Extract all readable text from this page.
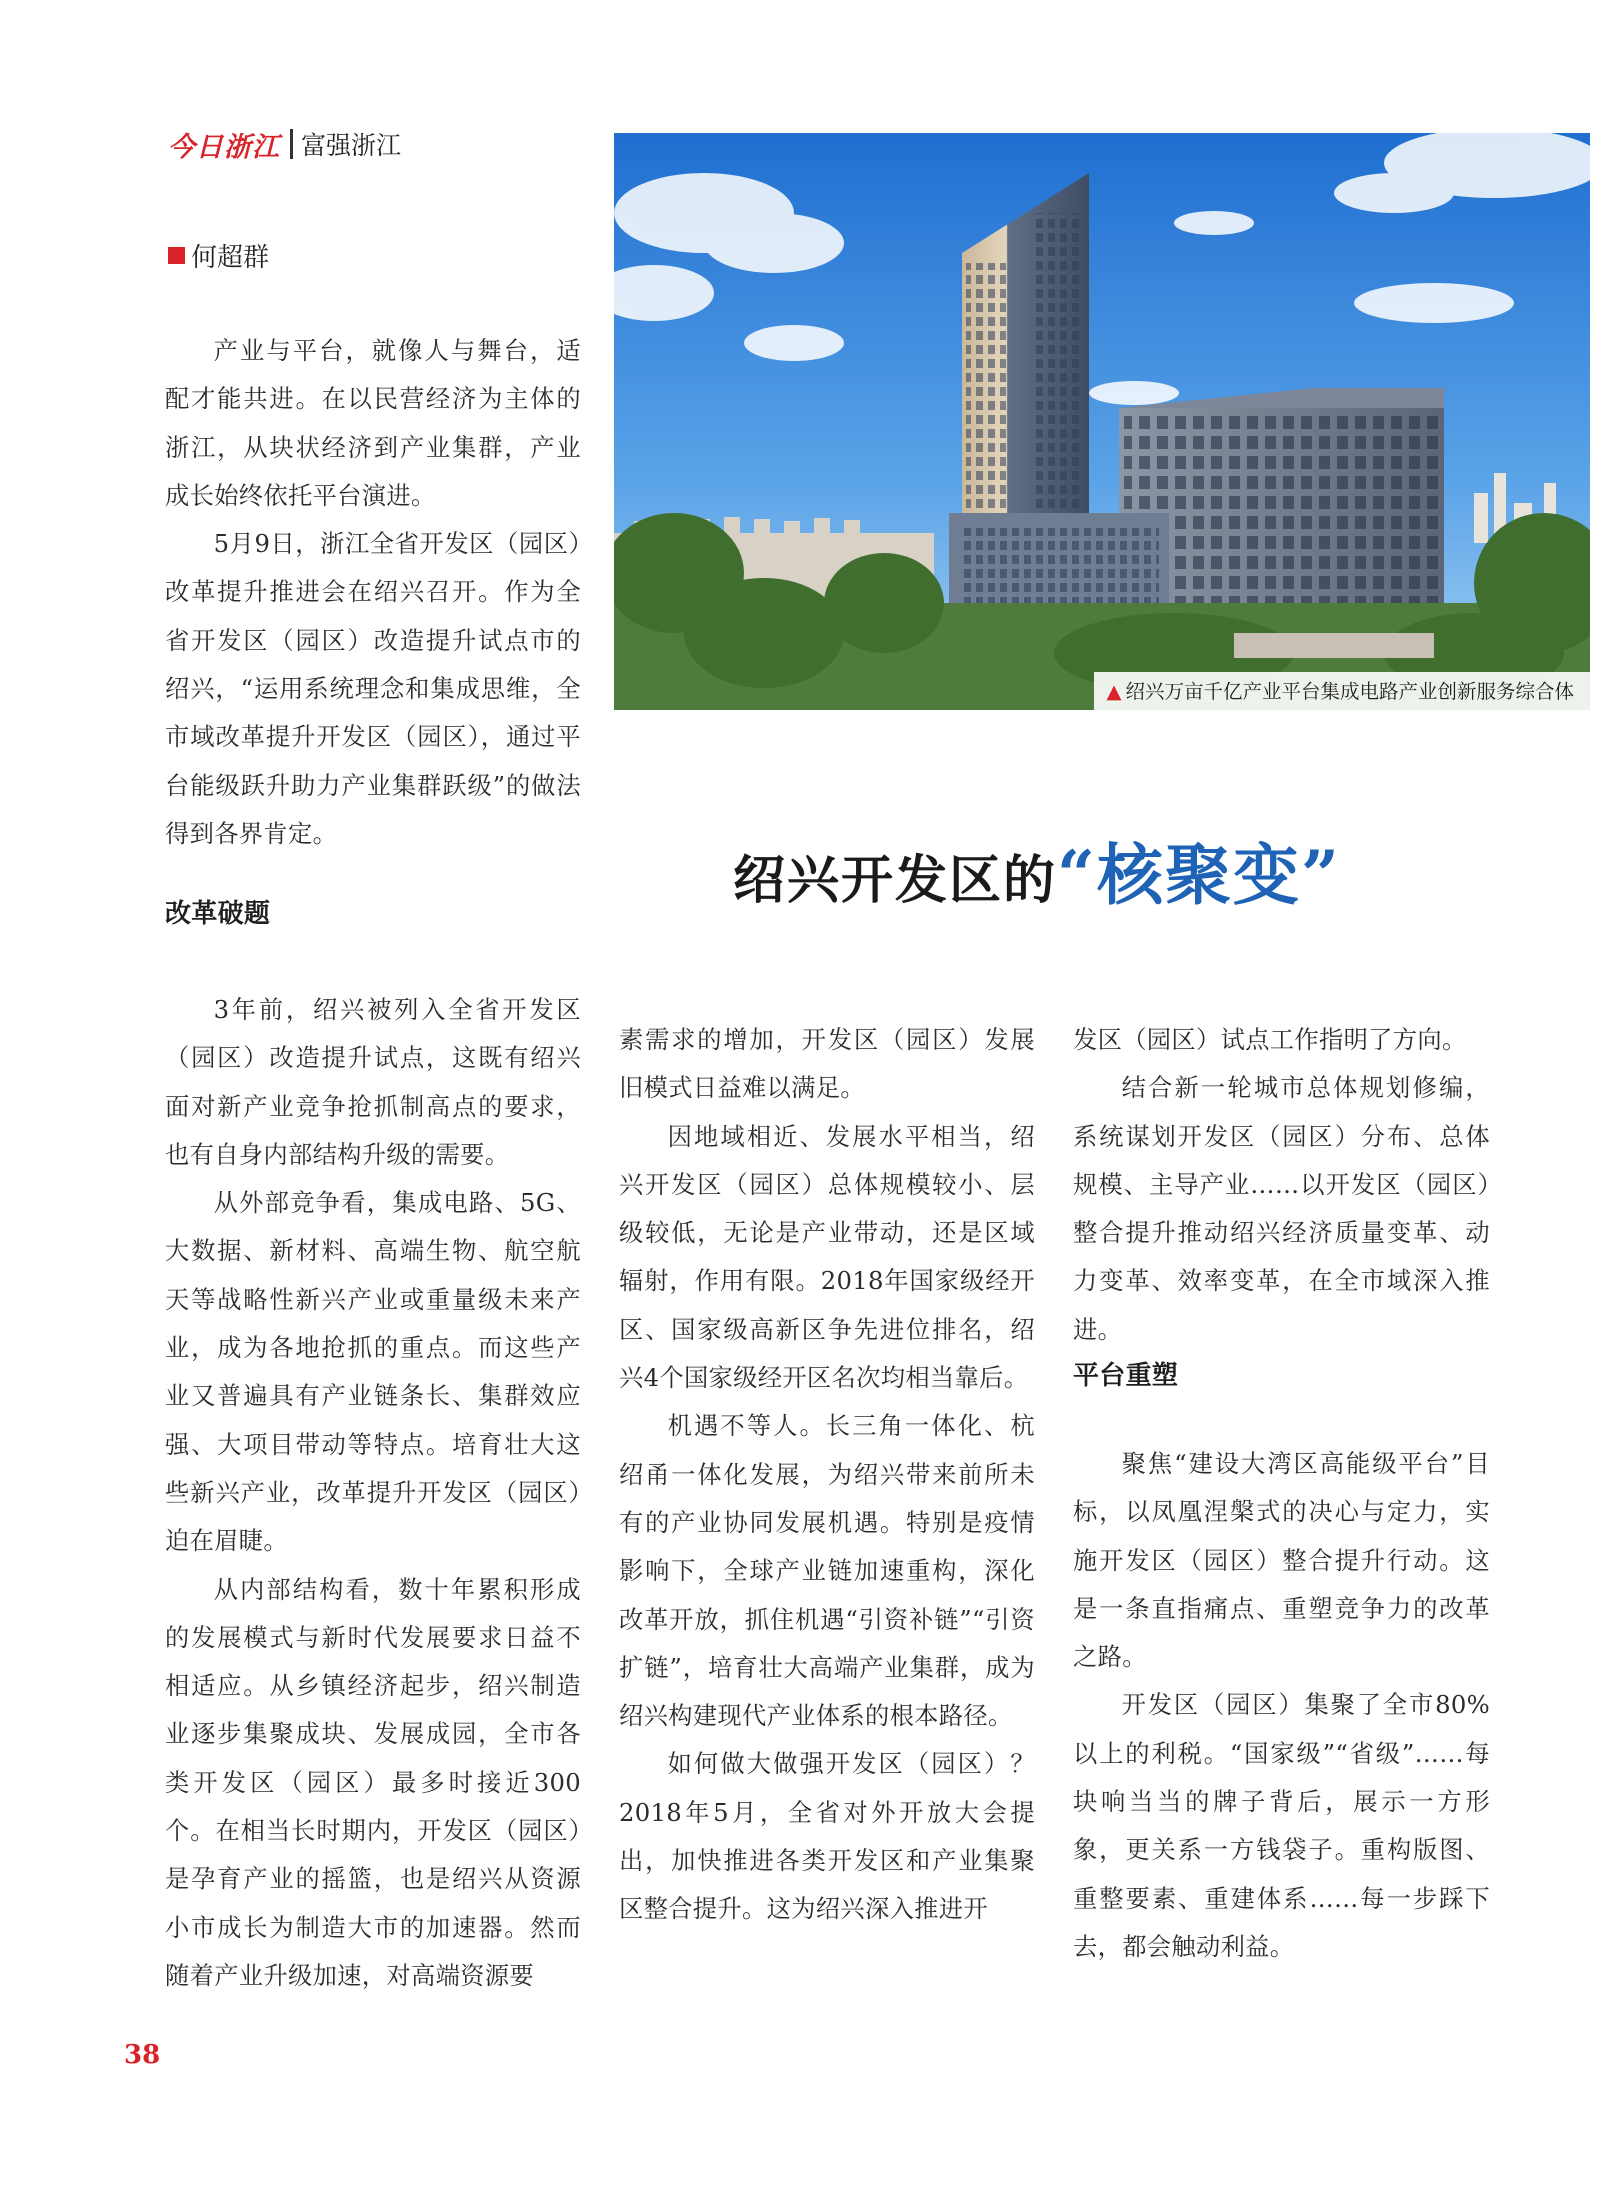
今日浙江 富强浙江
▲ 绍兴万亩千亿产业平台集成电路产业创新服务综合体
何超群

产业与平台，就像人与舞台，适配才能共进。在以民营经济为主体的浙江，从块状经济到产业集群，产业成长始终依托平台演进。

5月9日，浙江全省开发区（园区）改革提升推进会在绍兴召开。作为全省开发区（园区）改造提升试点市的绍兴，“运用系统理念和集成思维，全市域改革提升开发区（园区），通过平台能级跃升助力产业集群跃级”的做法得到各界肯定。

改革破题

3年前，绍兴被列入全省开发区（园区）改造提升试点，这既有绍兴面对新产业竞争抢抓制高点的要求，也有自身内部结构升级的需要。

从外部竞争看，集成电路、5G、大数据、新材料、高端生物、航空航天等战略性新兴产业或重量级未来产业，成为各地抢抓的重点。而这些产业又普遍具有产业链条长、集群效应强、大项目带动等特点。培育壮大这些新兴产业，改革提升开发区（园区）迫在眉睫。

从内部结构看，数十年累积形成的发展模式与新时代发展要求日益不相适应。从乡镇经济起步，绍兴制造业逐步集聚成块、发展成园，全市各类开发区（园区）最多时接近300个。在相当长时期内，开发区（园区）是孕育产业的摇篮，也是绍兴从资源小市成长为制造大市的加速器。然而随着产业升级加速，对高端资源要

绍兴开发区的“核聚变”

素需求的增加，开发区（园区）发展旧模式日益难以满足。

因地域相近、发展水平相当，绍兴开发区（园区）总体规模较小、层级较低，无论是产业带动，还是区域辐射，作用有限。2018年国家级经开区、国家级高新区争先进位排名，绍兴4个国家级经开区名次均相当靠后。

机遇不等人。长三角一体化、杭绍甬一体化发展，为绍兴带来前所未有的产业协同发展机遇。特别是疫情影响下，全球产业链加速重构，深化改革开放，抓住机遇“引资补链”“引资扩链”，培育壮大高端产业集群，成为绍兴构建现代产业体系的根本路径。

如何做大做强开发区（园区）？2018年5月，全省对外开放大会提出，加快推进各类开发区和产业集聚区整合提升。这为绍兴深入推进开

发区（园区）试点工作指明了方向。

结合新一轮城市总体规划修编，系统谋划开发区（园区）分布、总体规模、主导产业……以开发区（园区）整合提升推动绍兴经济质量变革、动力变革、效率变革，在全市域深入推进。

平台重塑

聚焦“建设大湾区高能级平台”目标，以凤凰涅槃式的决心与定力，实施开发区（园区）整合提升行动。这是一条直指痛点、重塑竞争力的改革之路。

开发区（园区）集聚了全市80%以上的利税。“国家级”“省级”……每块响当当的牌子背后，展示一方形象，更关系一方钱袋子。重构版图、重整要素、重建体系……每一步踩下去，都会触动利益。

38
